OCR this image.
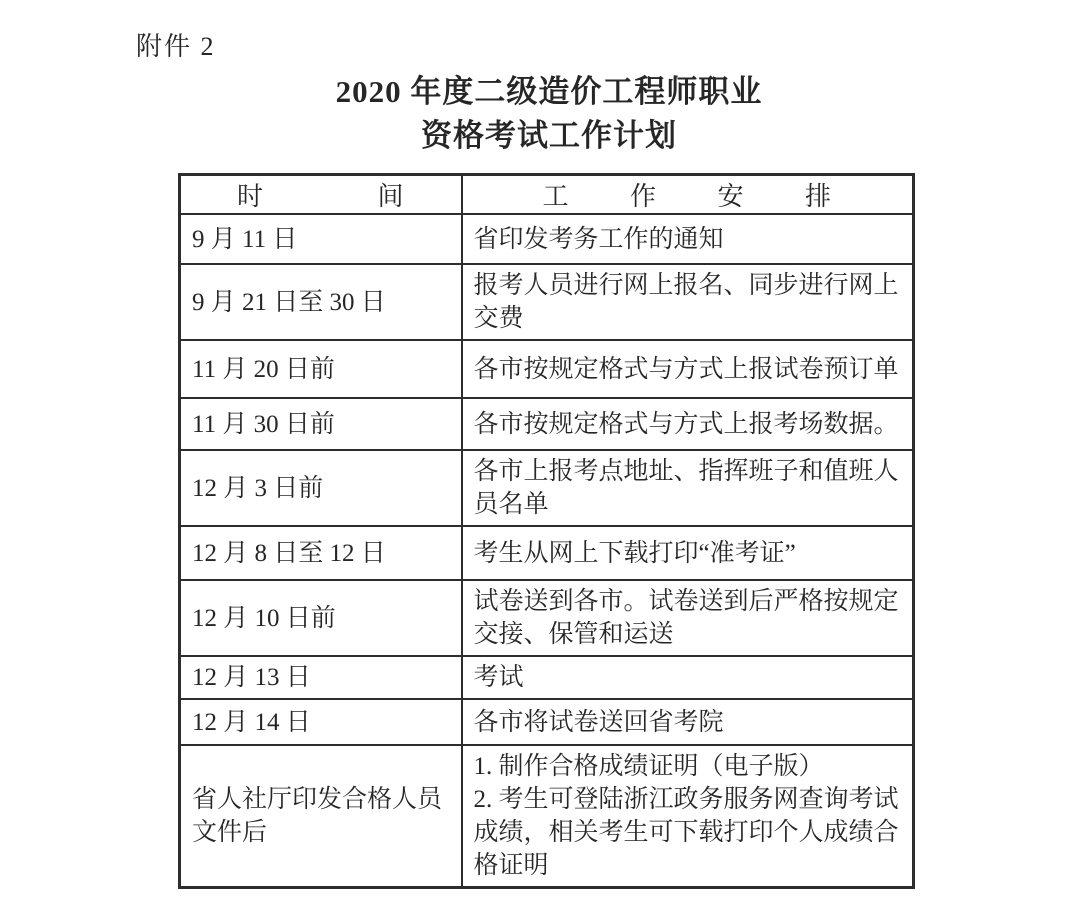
附件 2
2020 年度二级造价工程师职业
资格考试工作计划
时间	工作安排
9 月 11 日	省印发考务工作的通知

9 月 21 日至 30 日	报考人员进行网上报名、同步进行网上交费

11 月 20 日前	各市按规定格式与方式上报试卷预订单

11 月 30 日前	各市按规定格式与方式上报考场数据。

12 月 3 日前	各市上报考点地址、指挥班子和值班人员名单

12 月 8 日至 12 日	考生从网上下载打印“准考证”

12 月 10 日前	试卷送到各市。试卷送到后严格按规定交接、保管和运送

12 月 13 日	考试

12 月 14 日	各市将试卷送回省考院

省人社厅印发合格人员文件后	1. 制作合格成绩证明（电子版）
2. 考生可登陆浙江政务服务网查询考试成绩，相关考生可下载打印个人成绩合格证明
